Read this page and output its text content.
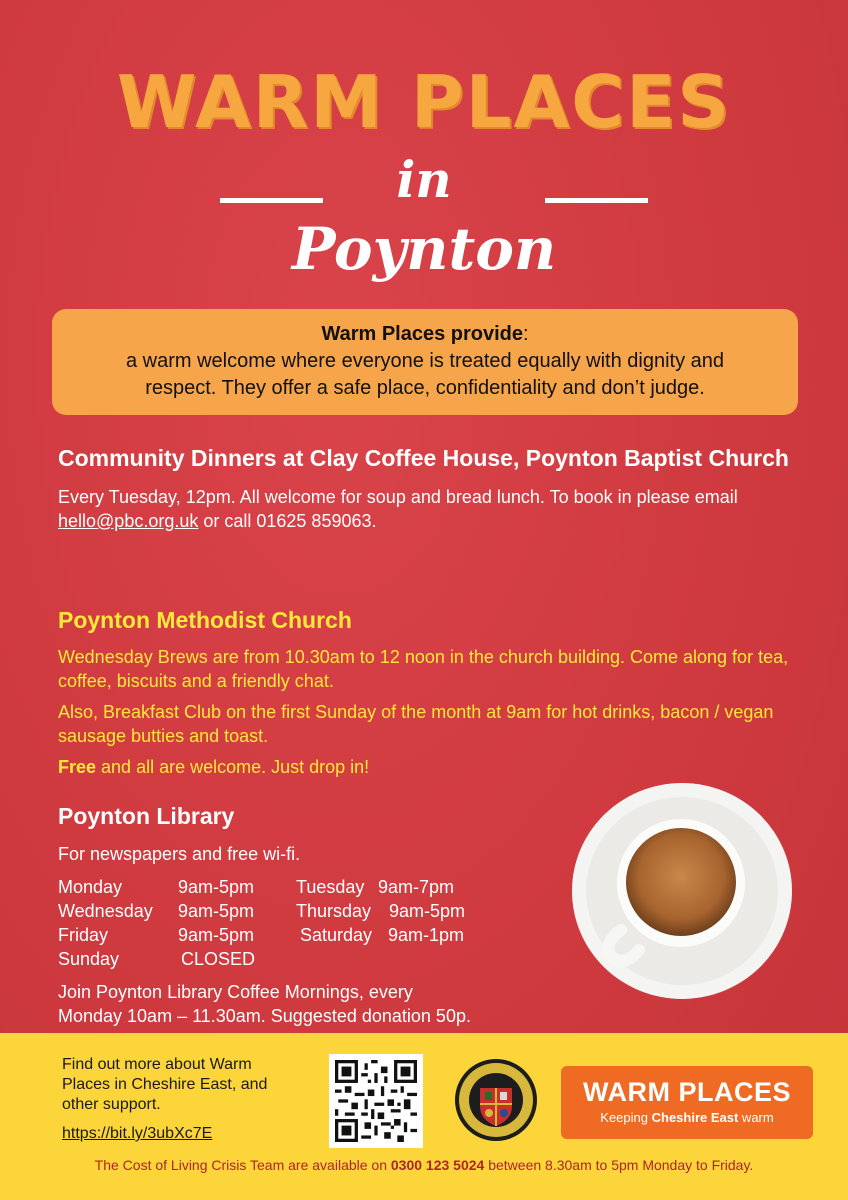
WARM PLACES
in
Poynton
Warm Places provide:
a warm welcome where everyone is treated equally with dignity and
respect. They offer a safe place, confidentiality and don’t judge.
Community Dinners at Clay Coffee House, Poynton Baptist Church
Every Tuesday, 12pm. All welcome for soup and bread lunch. To book in please email hello@pbc.org.uk or call 01625 859063.
Poynton Methodist Church
Wednesday Brews are from 10.30am to 12 noon in the church building. Come along for tea, coffee, biscuits and a friendly chat.
Also, Breakfast Club on the first Sunday of the month at 9am for hot drinks, bacon / vegan sausage butties and toast.
Free and all are welcome. Just drop in!
Poynton Library
For newspapers and free wi-fi.
Monday	9am-5pm	Tuesday 9am-7pm
Wednesday	9am-5pm	Thursday 9am-5pm
Friday	9am-5pm	Saturday 9am-1pm
Sunday	CLOSED
Join Poynton Library Coffee Mornings, every
Monday 10am – 11.30am. Suggested donation 50p.
Find out more about Warm Places in Cheshire East, and other support.
https://bit.ly/3ubXc7E
WARM PLACES
Keeping Cheshire East warm
The Cost of Living Crisis Team are available on 0300 123 5024 between 8.30am to 5pm Monday to Friday.
